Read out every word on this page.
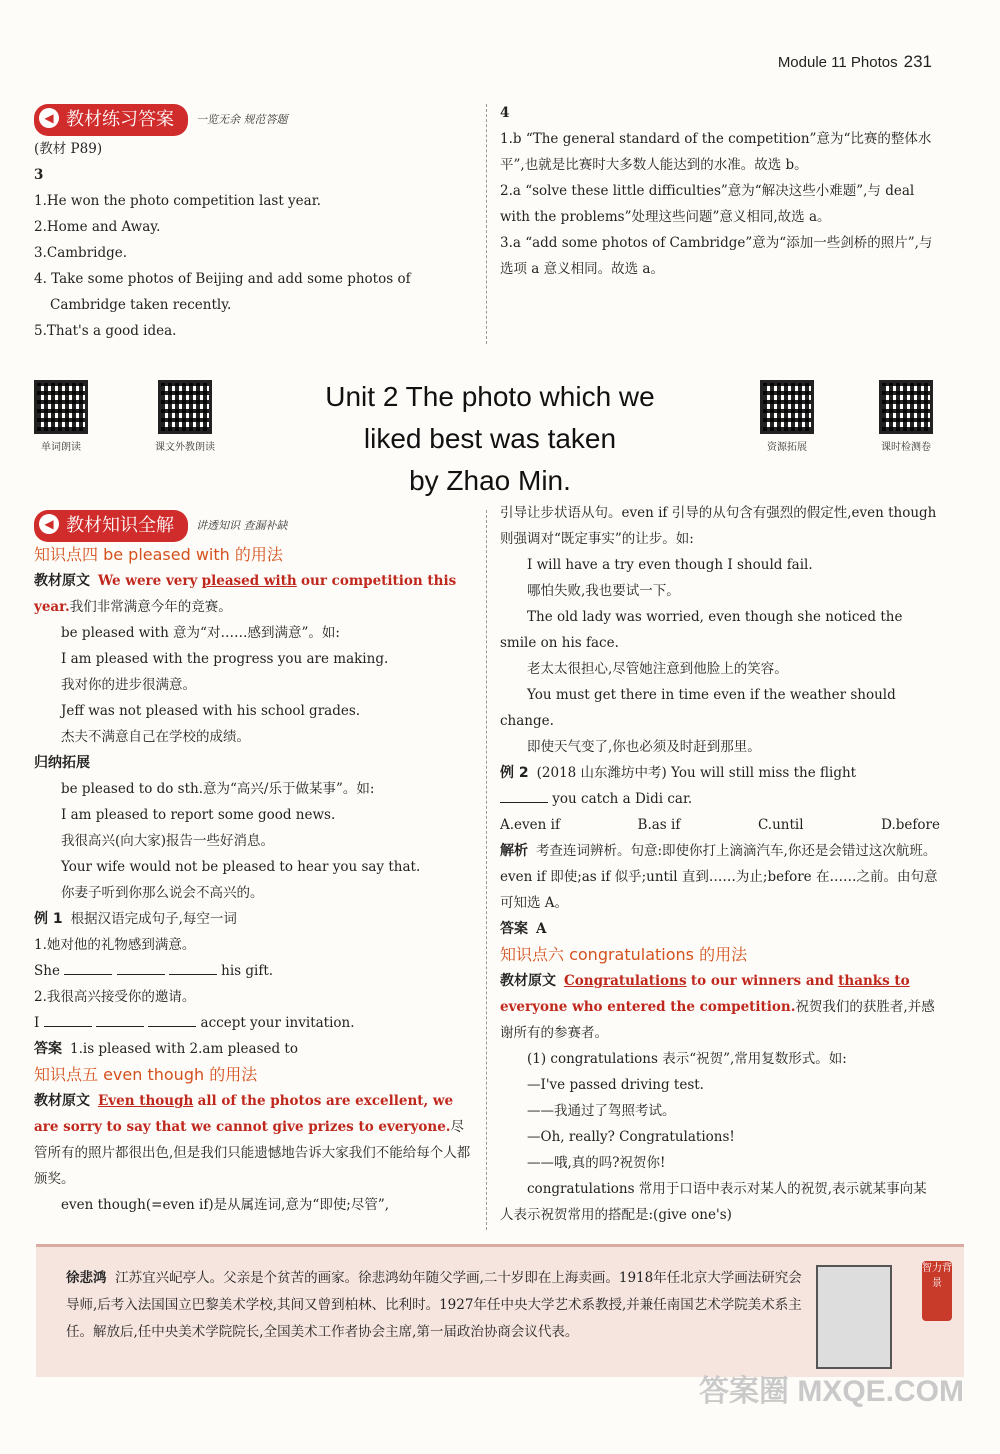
Module 11 Photos 231
◀ 教材练习答案	一览无余 规范答题

(教材 P89)

3

1.He won the photo competition last year.

2.Home and Away.

3.Cambridge.

4. Take some photos of Beijing and add some photos of

Cambridge taken recently.

5.That's a good idea.

4

1.b “The general standard of the competition”意为“比赛的整体水平”,也就是比赛时大多数人能达到的水准。故选 b。

2.a “solve these little difficulties”意为“解决这些小难题”,与 deal with the problems”处理这些问题”意义相同,故选 a。

3.a “add some photos of Cambridge”意为“添加一些剑桥的照片”,与选项 a 意义相同。故选 a。

单词朗读	课文外教朗读	资源拓展	课时检测卷
Unit 2 The photo which we
liked best was taken
by Zhao Min.
◀ 教材知识全解	讲透知识 查漏补缺

知识点四 be pleased with 的用法

教材原文 We were very pleased with our competition this year.我们非常满意今年的竞赛。

be pleased with 意为“对……感到满意”。如:

I am pleased with the progress you are making.

我对你的进步很满意。

Jeff was not pleased with his school grades.

杰夫不满意自己在学校的成绩。

归纳拓展

be pleased to do sth.意为“高兴/乐于做某事”。如:

I am pleased to report some good news.

我很高兴(向大家)报告一些好消息。

Your wife would not be pleased to hear you say that.

你妻子听到你那么说会不高兴的。

例 1 根据汉语完成句子,每空一词

1.她对他的礼物感到满意。

She	his gift.

2.我很高兴接受你的邀请。

I	accept your invitation.

答案 1.is pleased with 2.am pleased to

知识点五 even though 的用法

教材原文 Even though all of the photos are excellent, we are sorry to say that we cannot give prizes to everyone.尽管所有的照片都很出色,但是我们只能遗憾地告诉大家我们不能给每个人都颁奖。

even though(=even if)是从属连词,意为“即使;尽管”,

引导让步状语从句。even if 引导的从句含有强烈的假定性,even though 则强调对“既定事实”的让步。如:

I will have a try even though I should fail.

哪怕失败,我也要试一下。

The old lady was worried, even though she noticed the smile on his face.

老太太很担心,尽管她注意到他脸上的笑容。

You must get there in time even if the weather should change.

即使天气变了,你也必须及时赶到那里。

例 2 (2018 山东潍坊中考) You will still miss the flight

you catch a Didi car.

A.even if	B.as if	C.until	D.before

解析 考查连词辨析。句意:即使你打上滴滴汽车,你还是会错过这次航班。even if 即使;as if 似乎;until 直到……为止;before 在……之前。由句意可知选 A。

答案 A

知识点六 congratulations 的用法

教材原文 Congratulations to our winners and thanks to everyone who entered the competition.祝贺我们的获胜者,并感谢所有的参赛者。

(1) congratulations 表示“祝贺”,常用复数形式。如:

—I've passed driving test.

——我通过了驾照考试。

—Oh, really? Congratulations!

——哦,真的吗?祝贺你!

congratulations 常用于口语中表示对某人的祝贺,表示就某事向某人表示祝贺常用的搭配是:(give one's)

徐悲鸿 江苏宜兴屺亭人。父亲是个贫苦的画家。徐悲鸿幼年随父学画,二十岁即在上海卖画。1918年任北京大学画法研究会导师,后考入法国国立巴黎美术学校,其间又曾到柏林、比利时。1927年任中央大学艺术系教授,并兼任南国艺术学院美术系主任。解放后,任中央美术学院院长,全国美术工作者协会主席,第一届政治协商会议代表。
智力背景
答案圈 MXQE.COM
